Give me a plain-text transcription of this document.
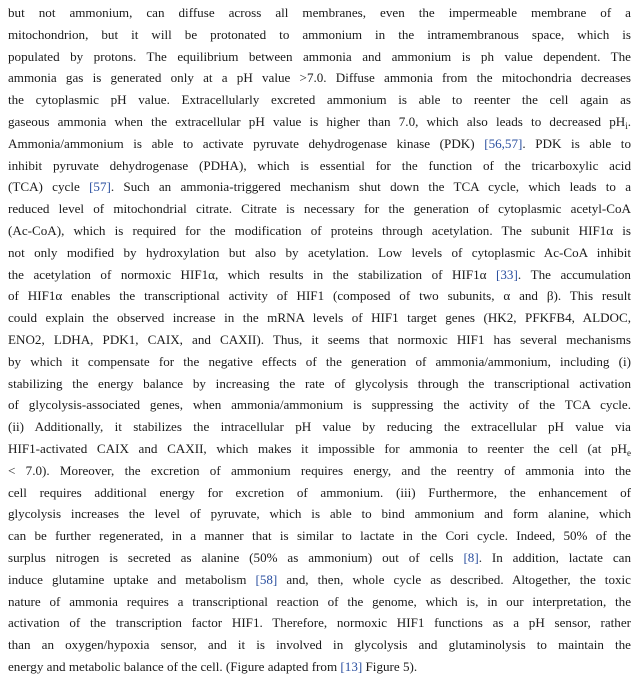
but not ammonium, can diffuse across all membranes, even the impermeable membrane of a
mitochondrion, but it will be protonated to ammonium in the intramembranous space, which is
populated by protons. The equilibrium between ammonia and ammonium is ph value dependent. The
ammonia gas is generated only at a pH value >7.0. Diffuse ammonia from the mitochondria decreases
the cytoplasmic pH value. Extracellularly excreted ammonium is able to reenter the cell again as
gaseous ammonia when the extracellular pH value is higher than 7.0, which also leads to decreased $pH_i$.
Ammonia/ammonium is able to activate pyruvate dehydrogenase kinase (PDK) [56,57]. PDK is able to
inhibit pyruvate dehydrogenase (PDHA), which is essential for the function of the tricarboxylic acid
(TCA) cycle [57]. Such an ammonia-triggered mechanism shut down the TCA cycle, which leads to a
reduced level of mitochondrial citrate. Citrate is necessary for the generation of cytoplasmic acetyl-CoA
(Ac-CoA), which is required for the modification of proteins through acetylation. The subunit HIF1α is
not only modified by hydroxylation but also by acetylation. Low levels of cytoplasmic Ac-CoA inhibit
the acetylation of normoxic HIF1α, which results in the stabilization of HIF1α [33]. The accumulation
of HIF1α enables the transcriptional activity of HIF1 (composed of two subunits, α and β). This result
could explain the observed increase in the mRNA levels of HIF1 target genes (HK2, PFKFB4, ALDOC,
ENO2, LDHA, PDK1, CAIX, and CAXII). Thus, it seems that normoxic HIF1 has several mechanisms
by which it compensate for the negative effects of the generation of ammonia/ammonium, including (i)
stabilizing the energy balance by increasing the rate of glycolysis through the transcriptional activation
of glycolysis-associated genes, when ammonia/ammonium is suppressing the activity of the TCA cycle.
(ii) Additionally, it stabilizes the intracellular pH value by reducing the extracellular pH value via
HIF1-activated CAIX and CAXII, which makes it impossible for ammonia to reenter the cell (at $pH_e$
< 7.0). Moreover, the excretion of ammonium requires energy, and the reentry of ammonia into the
cell requires additional energy for excretion of ammonium. (iii) Furthermore, the enhancement of
glycolysis increases the level of pyruvate, which is able to bind ammonium and form alanine, which
can be further regenerated, in a manner that is similar to lactate in the Cori cycle. Indeed, 50% of the
surplus nitrogen is secreted as alanine (50% as ammonium) out of cells [8]. In addition, lactate can
induce glutamine uptake and metabolism [58] and, then, whole cycle as described. Altogether, the toxic
nature of ammonia requires a transcriptional reaction of the genome, which is, in our interpretation, the
activation of the transcription factor HIF1. Therefore, normoxic HIF1 functions as a pH sensor, rather
than an oxygen/hypoxia sensor, and it is involved in glycolysis and glutaminolysis to maintain the
energy and metabolic balance of the cell. (Figure adapted from [13] Figure 5).
